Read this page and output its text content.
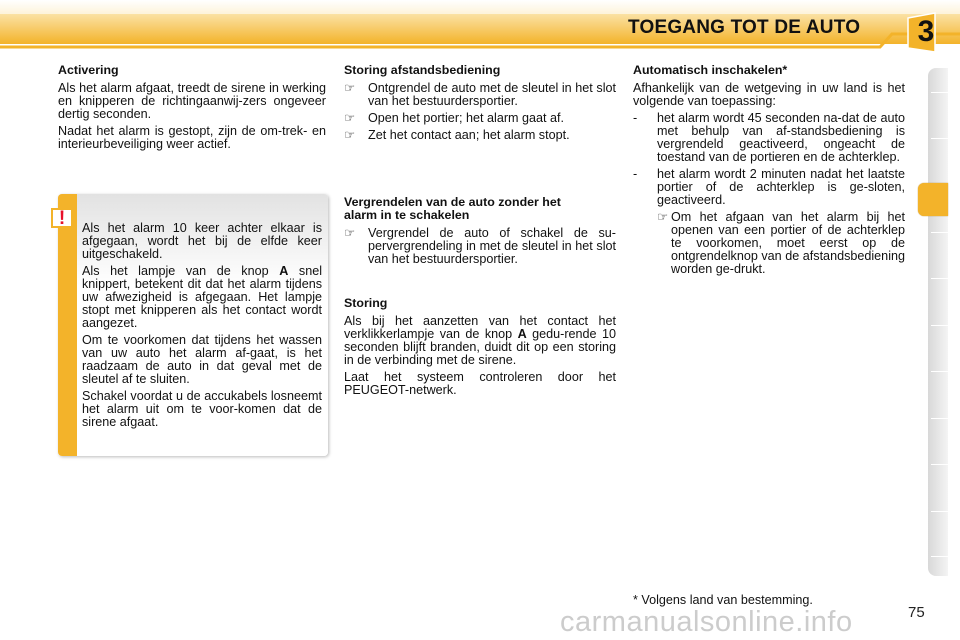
TOEGANG TOT DE AUTO 3
Activering

Als het alarm afgaat, treedt de sirene in werking en knipperen de richtingaanwij-zers ongeveer dertig seconden.

Nadat het alarm is gestopt, zijn de om-trek- en interieurbeveiliging weer actief.

!	Als het alarm 10 keer achter elkaar is afgegaan, wordt het bij de elfde keer uitgeschakeld.

Als het lampje van de knop A snel knippert, betekent dit dat het alarm tijdens uw afwezigheid is afgegaan. Het lampje stopt met knipperen als het contact wordt aangezet.

Om te voorkomen dat tijdens het wassen van uw auto het alarm af-gaat, is het raadzaam de auto in dat geval met de sleutel af te sluiten.

Schakel voordat u de accukabels losneemt het alarm uit om te voor-komen dat de sirene afgaat.

Storing afstandsbediening
☞	Ontgrendel de auto met de sleutel in het slot van het bestuurdersportier.
☞	Open het portier; het alarm gaat af.
☞	Zet het contact aan; het alarm stopt.
Vergrendelen van de auto zonder het alarm in te schakelen
☞	Vergrendel de auto of schakel de su-pervergrendeling in met de sleutel in het slot van het bestuurdersportier.
Storing

Als bij het aanzetten van het contact het verklikkerlampje van de knop A gedu-rende 10 seconden blijft branden, duidt dit op een storing in de verbinding met de sirene.

Laat het systeem controleren door het PEUGEOT-netwerk.

Automatisch inschakelen*

Afhankelijk van de wetgeving in uw land is het volgende van toepassing:

-	het alarm wordt 45 seconden na-dat de auto met behulp van af-standsbediening is vergrendeld geactiveerd, ongeacht de toestand van de portieren en de achterklep.
-	het alarm wordt 2 minuten nadat het laatste portier of de achterklep is ge-sloten, geactiveerd.
☞ Om het afgaan van het alarm bij het openen van een portier of de achterklep te voorkomen, moet eerst op de ontgrendelknop van de afstandsbediening worden ge-drukt.
* Volgens land van bestemming.
carmanualsonline.info	75
